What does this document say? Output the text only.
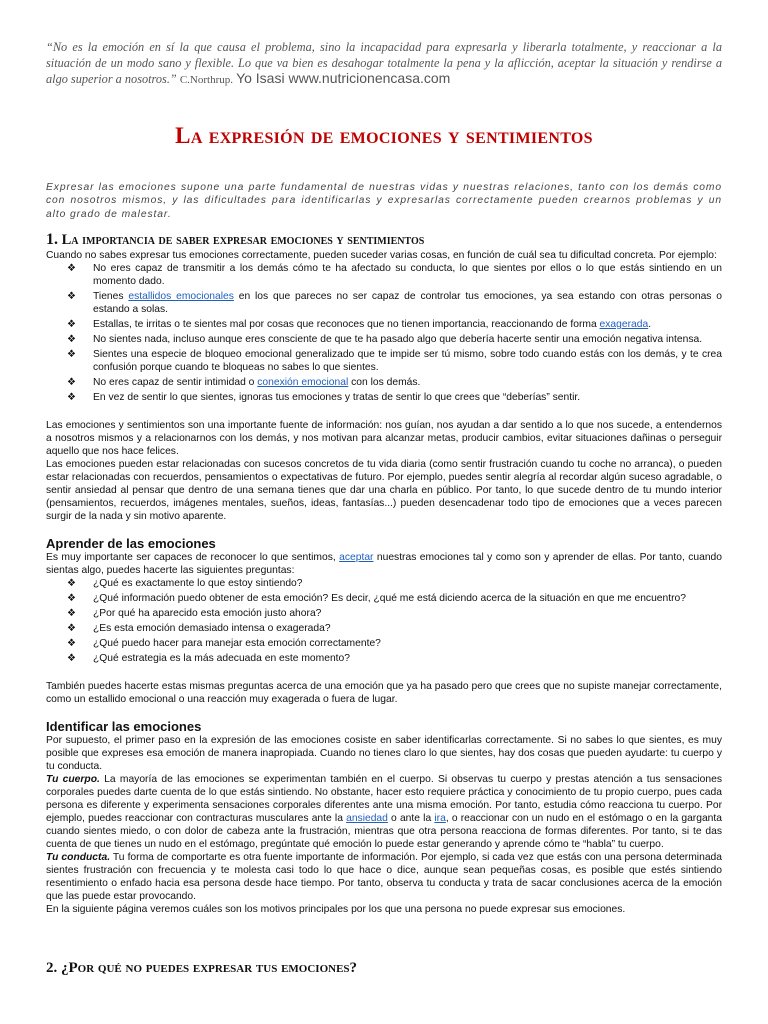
“No es la emoción en sí la que causa el problema, sino la incapacidad para expresarla y liberarla totalmente, y reaccionar a la situación de un modo sano y flexible. Lo que va bien es desahogar totalmente la pena y la aflicción, aceptar la situación y rendirse a algo superior a nosotros.” C.Northrup. Yo Isasi www.nutricionencasa.com

La expresión de emociones y sentimientos

Expresar las emociones supone una parte fundamental de nuestras vidas y nuestras relaciones, tanto con los demás como con nosotros mismos, y las dificultades para identificarlas y expresarlas correctamente pueden crearnos problemas y un alto grado de malestar.

1. La importancia de saber expresar emociones y sentimientos

Cuando no sabes expresar tus emociones correctamente, pueden suceder varias cosas, en función de cuál sea tu dificultad concreta. Por ejemplo:

❖ No eres capaz de transmitir a los demás cómo te ha afectado su conducta, lo que sientes por ellos o lo que estás sintiendo en un momento dado.
❖ Tienes estallidos emocionales en los que pareces no ser capaz de controlar tus emociones, ya sea estando con otras personas o estando a solas.
❖ Estallas, te irritas o te sientes mal por cosas que reconoces que no tienen importancia, reaccionando de forma exagerada.
❖ No sientes nada, incluso aunque eres consciente de que te ha pasado algo que debería hacerte sentir una emoción negativa intensa.
❖ Sientes una especie de bloqueo emocional generalizado que te impide ser tú mismo, sobre todo cuando estás con los demás, y te crea confusión porque cuando te bloqueas no sabes lo que sientes.
❖ No eres capaz de sentir intimidad o conexión emocional con los demás.
❖ En vez de sentir lo que sientes, ignoras tus emociones y tratas de sentir lo que crees que “deberías” sentir.

Las emociones y sentimientos son una importante fuente de información: nos guían, nos ayudan a dar sentido a lo que nos sucede, a entendernos a nosotros mismos y a relacionarnos con los demás, y nos motivan para alcanzar metas, producir cambios, evitar situaciones dañinas o perseguir aquello que nos hace felices.

Las emociones pueden estar relacionadas con sucesos concretos de tu vida diaria (como sentir frustración cuando tu coche no arranca), o pueden estar relacionadas con recuerdos, pensamientos o expectativas de futuro. Por ejemplo, puedes sentir alegría al recordar algún suceso agradable, o sentir ansiedad al pensar que dentro de una semana tienes que dar una charla en público. Por tanto, lo que sucede dentro de tu mundo interior (pensamientos, recuerdos, imágenes mentales, sueños, ideas, fantasías...) pueden desencadenar todo tipo de emociones que a veces parecen surgir de la nada y sin motivo aparente.

Aprender de las emociones

Es muy importante ser capaces de reconocer lo que sentimos, aceptar nuestras emociones tal y como son y aprender de ellas. Por tanto, cuando sientas algo, puedes hacerte las siguientes preguntas:

❖ ¿Qué es exactamente lo que estoy sintiendo?
❖ ¿Qué información puedo obtener de esta emoción? Es decir, ¿qué me está diciendo acerca de la situación en que me encuentro?
❖ ¿Por qué ha aparecido esta emoción justo ahora?
❖ ¿Es esta emoción demasiado intensa o exagerada?
❖ ¿Qué puedo hacer para manejar esta emoción correctamente?
❖ ¿Qué estrategia es la más adecuada en este momento?

También puedes hacerte estas mismas preguntas acerca de una emoción que ya ha pasado pero que crees que no supiste manejar correctamente, como un estallido emocional o una reacción muy exagerada o fuera de lugar.

Identificar las emociones

Por supuesto, el primer paso en la expresión de las emociones cosiste en saber identificarlas correctamente. Si no sabes lo que sientes, es muy posible que expreses esa emoción de manera inapropiada. Cuando no tienes claro lo que sientes, hay dos cosas que pueden ayudarte: tu cuerpo y tu conducta.

Tu cuerpo. La mayoría de las emociones se experimentan también en el cuerpo. Si observas tu cuerpo y prestas atención a tus sensaciones corporales puedes darte cuenta de lo que estás sintiendo. No obstante, hacer esto requiere práctica y conocimiento de tu propio cuerpo, pues cada persona es diferente y experimenta sensaciones corporales diferentes ante una misma emoción. Por tanto, estudia cómo reacciona tu cuerpo. Por ejemplo, puedes reaccionar con contracturas musculares ante la ansiedad o ante la ira, o reaccionar con un nudo en el estómago o en la garganta cuando sientes miedo, o con dolor de cabeza ante la frustración, mientras que otra persona reacciona de formas diferentes. Por tanto, si te das cuenta de que tienes un nudo en el estómago, pregúntate qué emoción lo puede estar generando y aprende cómo te “habla” tu cuerpo.

Tu conducta. Tu forma de comportarte es otra fuente importante de información. Por ejemplo, si cada vez que estás con una persona determinada sientes frustración con frecuencia y te molesta casi todo lo que hace o dice, aunque sean pequeñas cosas, es posible que estés sintiendo resentimiento o enfado hacia esa persona desde hace tiempo. Por tanto, observa tu conducta y trata de sacar conclusiones acerca de la emoción que las puede estar provocando.

En la siguiente página veremos cuáles son los motivos principales por los que una persona no puede expresar sus emociones.

2. ¿Por qué no puedes expresar tus emociones?
